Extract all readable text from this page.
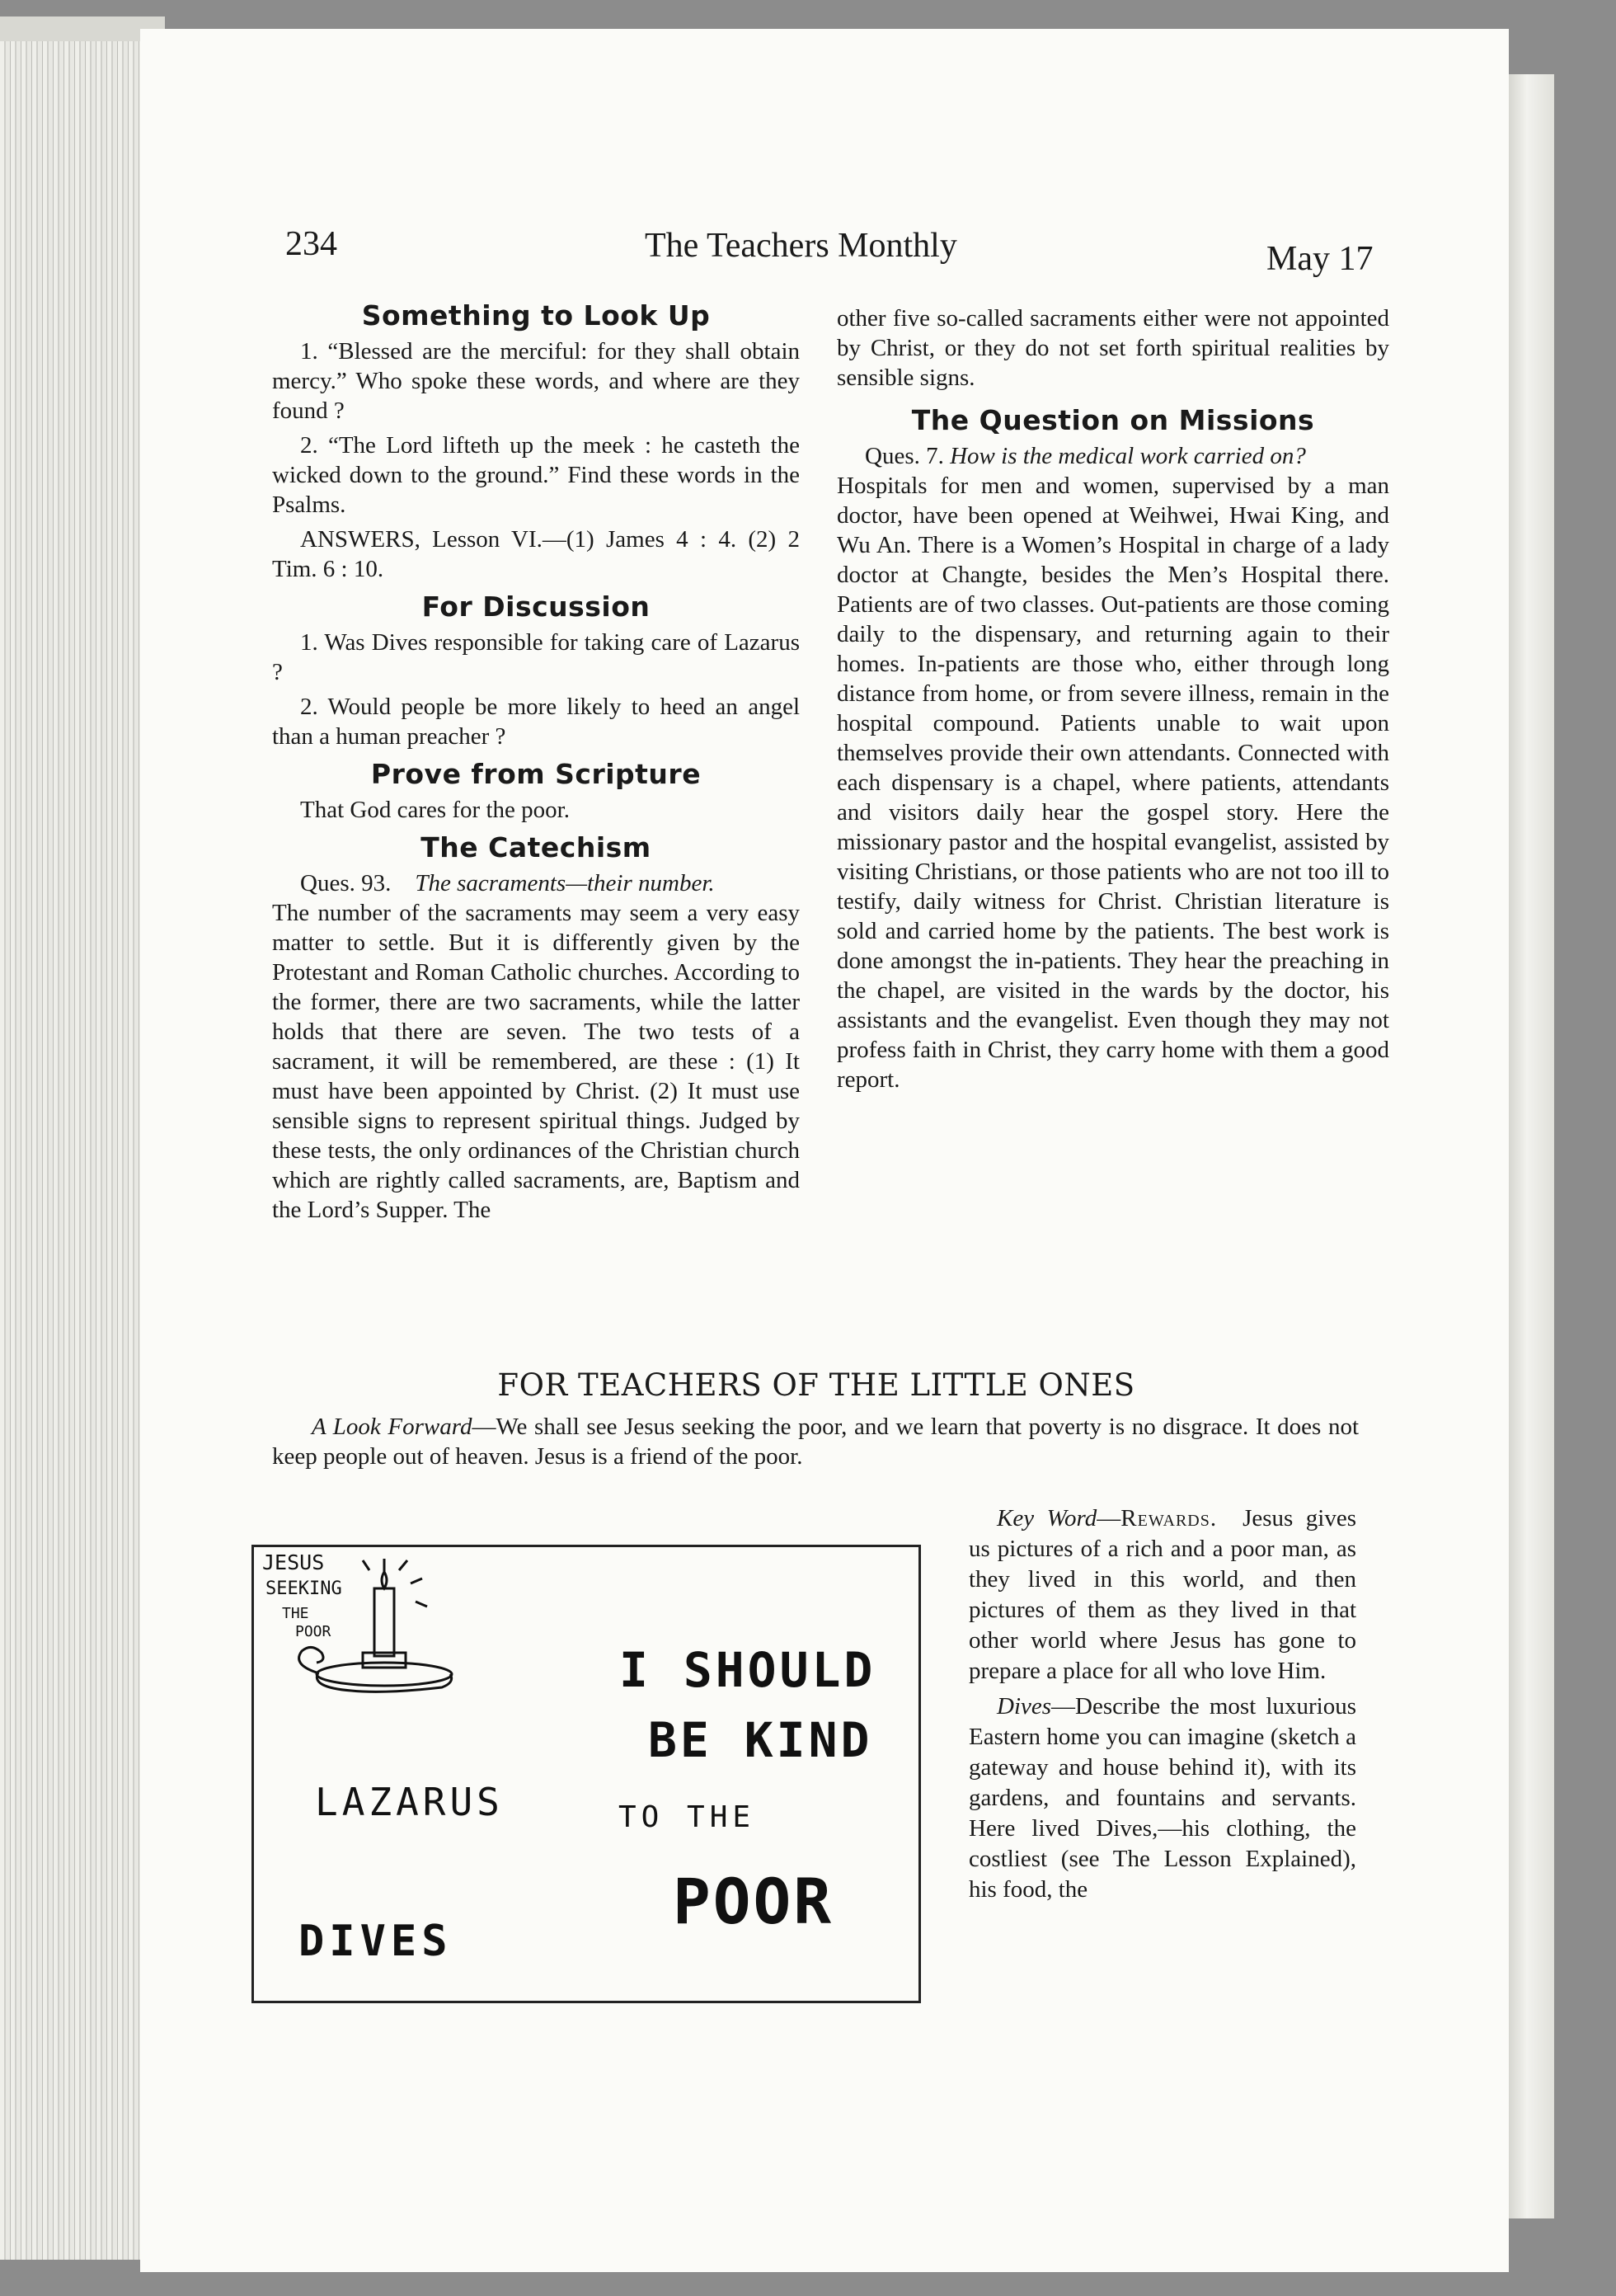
234	The Teachers Monthly	May 17
Something to Look Up

1. “Blessed are the merciful: for they shall obtain mercy.” Who spoke these words, and where are they found ?

2. “The Lord lifteth up the meek : he casteth the wicked down to the ground.” Find these words in the Psalms.

ANSWERS, Lesson VI.—(1) James 4 : 4. (2) 2 Tim. 6 : 10.

For Discussion

1. Was Dives responsible for taking care of Lazarus ?

2. Would people be more likely to heed an angel than a human preacher ?

Prove from Scripture

That God cares for the poor.

The Catechism

Ques. 93. The sacraments—their number.

The number of the sacraments may seem a very easy matter to settle. But it is differently given by the Protestant and Roman Catholic churches. According to the former, there are two sacraments, while the latter holds that there are seven. The two tests of a sacrament, it will be remembered, are these : (1) It must have been appointed by Christ. (2) It must use sensible signs to represent spiritual things. Judged by these tests, the only ordinances of the Christian church which are rightly called sacraments, are, Baptism and the Lord’s Supper. The

other five so-called sacraments either were not appointed by Christ, or they do not set forth spiritual realities by sensible signs.

The Question on Missions

Ques. 7. How is the medical work carried on?

Hospitals for men and women, supervised by a man doctor, have been opened at Weihwei, Hwai King, and Wu An. There is a Women’s Hospital in charge of a lady doctor at Changte, besides the Men’s Hospital there. Patients are of two classes. Out-patients are those coming daily to the dispensary, and returning again to their homes. In-patients are those who, either through long distance from home, or from severe illness, remain in the hospital compound. Patients unable to wait upon themselves provide their own attendants. Connected with each dispensary is a chapel, where patients, attendants and visitors daily hear the gospel story. Here the missionary pastor and the hospital evangelist, assisted by visiting Christians, or those patients who are not too ill to testify, daily witness for Christ. Christian literature is sold and carried home by the patients. The best work is done amongst the in-patients. They hear the preaching in the chapel, are visited in the wards by the doctor, his assistants and the evangelist. Even though they may not profess faith in Christ, they carry home with them a good report.

FOR TEACHERS OF THE LITTLE ONES

A Look Forward—We shall see Jesus seeking the poor, and we learn that poverty is no disgrace. It does not keep people out of heaven. Jesus is a friend of the poor.

JESUS
SEEKING
THE
POOR
I SHOULD
BE KIND
LAZARUS	TO THE
POOR
DIVES

Key Word—Rewards. Jesus gives us pictures of a rich and a poor man, as they lived in this world, and then pictures of them as they lived in that other world where Jesus has gone to prepare a place for all who love Him.

Dives—Describe the most luxurious Eastern home you can imagine (sketch a gateway and house behind it), with its gardens, and fountains and servants. Here lived Dives,—his clothing, the costliest (see The Lesson Explained), his food, the
